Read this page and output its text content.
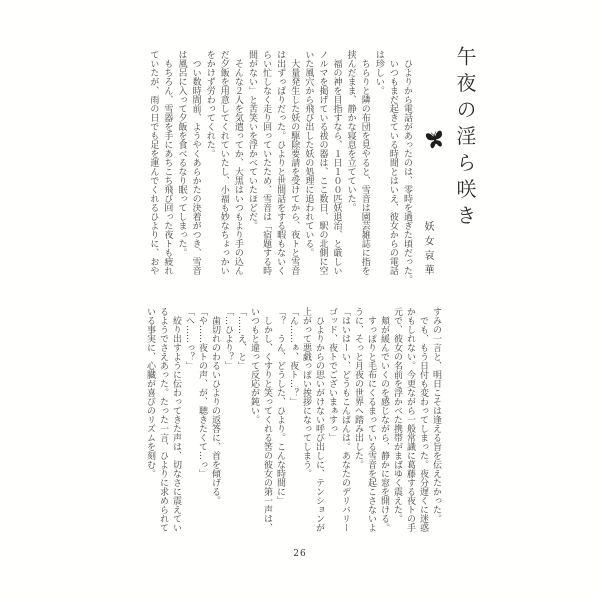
午夜の淫ら咲き
妖女哀華
　ひよりから電話があったのは、零時を過ぎた頃だった。
　いつもまだ起きている時間とはいえ、彼女からの電話
は珍しい。
　ちらりと隣の布団を見やると、雪音は園芸雑誌に指を
挟んだまま、静かな寝息を立てていた。
　福の神を目指すなら、１日１００匹妖退治、と厳しい
ノルマを掲げている祓の器は、ここ数日、駅の北側に空
いた風穴から飛び出した妖の処理に追われている。
　大量発生した妖の駆除要請を受けてから、夜トと雪音
は出ずっぱりだった。ひよりと世間話をする暇もないく
らい忙しなく走り回っていたため、雪音は「宿題する時
間がない」と苦笑いを浮かべていたほどだ。
　そんな２人を気遣ってか、大黒はいつもより手の込ん
だ夕飯を用意してくれていたし、小福も妙なちょっかい
をかけず労わってくれた。
　つい数時間前、ようやくあらかたの決着がつき、雪音
は風呂に入って夕飯を食べるなり眠ってしまった。
　もちろん、雪器を手にあちこち飛び回った夜トも疲れ
ていたが、雨の日でも足を運んでくれるひよりに、おや
すみの一言と、明日こそは逢える旨を伝えたかった。
　でも、もう日付も変わってしまった。夜分遅くに迷惑
かもしれない。今更ながら一般常識に葛藤する夜トの手
元で、彼女の名前を浮かべた携帯がまばゆく震えた。
　頬が緩んでいくのを感じながら、静かに窓を開ける。
　すっぽりと毛布にくるまっている雪音を起こさないよ
うに、そっと月夜の世界へ踏み出した。
「はいはーい、どうもこんばんは。あなたのデリバリー
ゴッド、夜トでございまぁすっ」
　ひよりからの思いがけない呼び出しに、テンションが
上がって悪戯っぽい挨拶になってしまう。
「ん……ぁ、夜ト…？」
「？　うん、どうした、ひより。こんな時間に」
　しかし、くすりと笑ってくれる筈の彼女の第一声は、
いつもと違って反応が鈍い。
「……え、と」
「…ひより？」
　歯切れのわるいひよりの返答に、首を傾げる。
「や……夜トの声、が、聴きたくて…っ」
「へ……っ？」
　絞り出すように伝わってきた声は、切なさに震えてい
るようでさえあった。たった一言、ひよりに求められて
いる事実に、心臓が喜びのリズムを刻む。
26
